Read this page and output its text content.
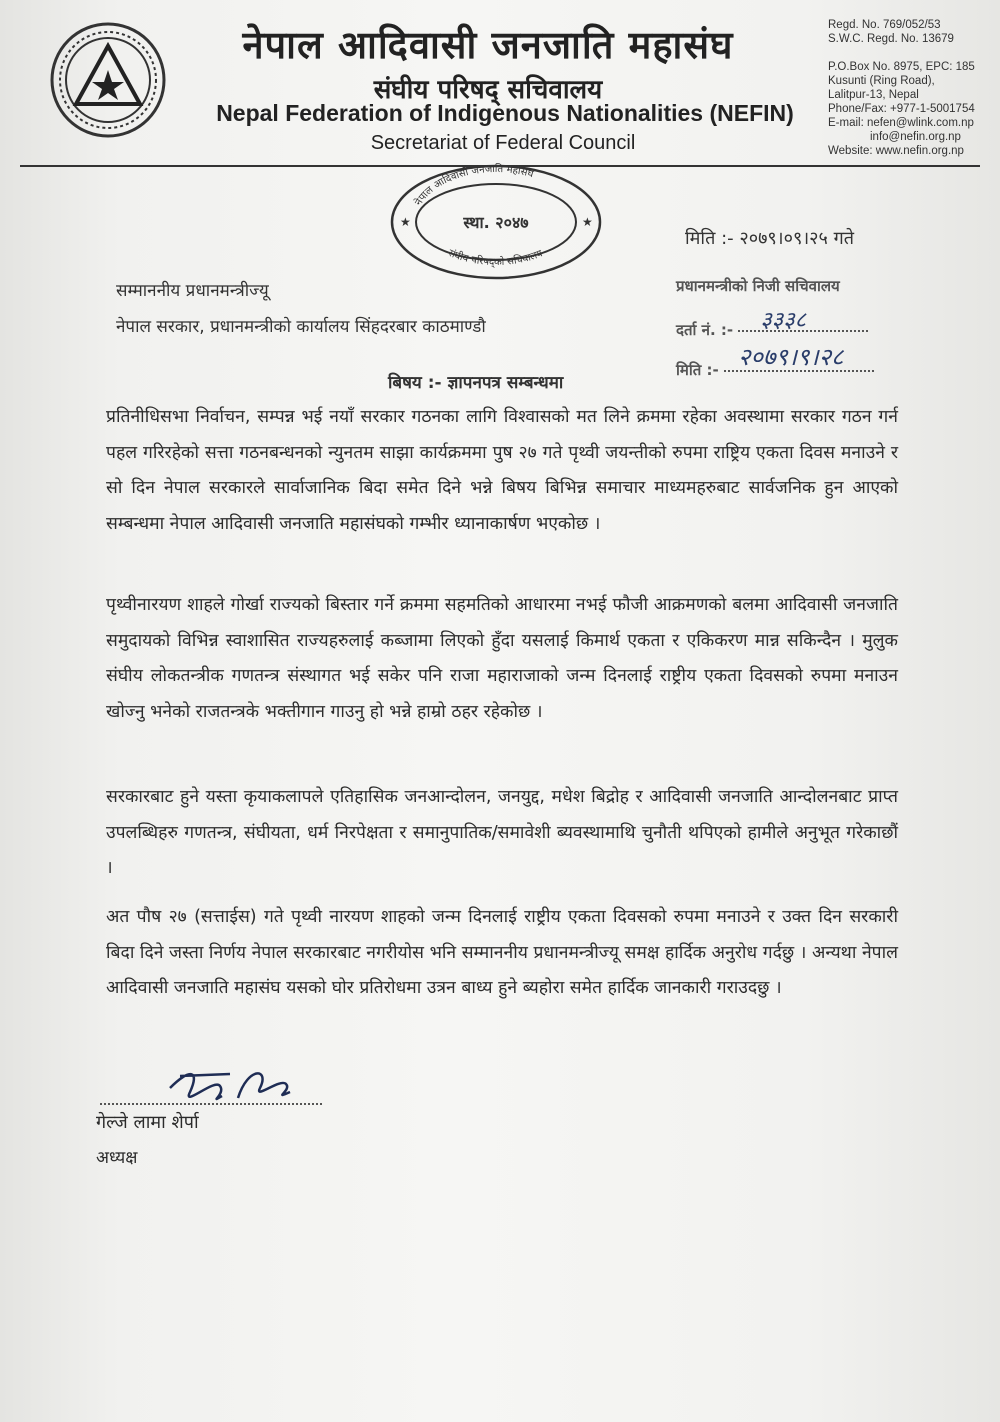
नेपाल आदिवासी जनजाति महासंघ
संघीय परिषद् सचिवालय
Nepal Federation of Indigenous Nationalities (NEFIN)
Secretariat of Federal Council
Regd. No. 769/052/53
S.W.C. Regd. No. 13679
P.O.Box No. 8975, EPC: 185
Kusunti (Ring Road),
Lalitpur-13, Nepal
Phone/Fax: +977-1-5001754
E-mail: nefen@wlink.com.np
info@nefin.org.np
Website: www.nefin.org.np
नेपाल आदिवासी जनजाति महासंघ
संघीय परिषद्को सचिवालय
स्था. २०४७
★	★
मिति :- २०७९।०९।२५ गते
सम्माननीय प्रधानमन्त्रीज्यू
नेपाल सरकार, प्रधानमन्त्रीको कार्यालय सिंहदरबार काठमाण्डौ
प्रधानमन्त्रीको निजी सचिवालय
दर्ता नं. :- ३३३८
मिति :- २०७९।९।२८
बिषय :- ज्ञापनपत्र सम्बन्धमा
प्रतिनीधिसभा निर्वाचन, सम्पन्न भई नयाँ सरकार गठनका लागि विश्वासको मत लिने क्रममा रहेका अवस्थामा सरकार गठन गर्न पहल गरिरहेको सत्ता गठनबन्धनको न्युनतम साझा कार्यक्रममा पुष २७ गते पृथ्वी जयन्तीको रुपमा राष्ट्रिय एकता दिवस मनाउने र सो दिन नेपाल सरकारले सार्वाजानिक बिदा समेत दिने भन्ने बिषय बिभिन्न समाचार माध्यमहरुबाट सार्वजनिक हुन आएको सम्बन्धमा नेपाल आदिवासी जनजाति महासंघको गम्भीर ध्यानाकार्षण भएकोछ ।
पृथ्वीनारयण शाहले गोर्खा राज्यको बिस्तार गर्ने क्रममा सहमतिको आधारमा नभई फौजी आक्रमणको बलमा आदिवासी जनजाति समुदायको विभिन्न स्वाशासित राज्यहरुलाई कब्जामा लिएको हुँदा यसलाई किमार्थ एकता र एकिकरण मान्न सकिन्दैन । मुलुक संघीय लोकतन्त्रीक गणतन्त्र संस्थागत भई सकेर पनि राजा महाराजाको जन्म दिनलाई राष्ट्रीय एकता दिवसको रुपमा मनाउन खोज्नु भनेको राजतन्त्रके भक्तीगान गाउनु हो भन्ने हाम्रो ठहर रहेकोछ ।
सरकारबाट हुने यस्ता कृयाकलापले एतिहासिक जनआन्दोलन, जनयुद्द, मधेश बिद्रोह र आदिवासी जनजाति आन्दोलनबाट प्राप्त उपलब्धिहरु गणतन्त्र, संघीयता, धर्म निरपेक्षता र समानुपातिक/समावेशी ब्यवस्थामाथि चुनौती थपिएको हामीले अनुभूत गरेकाछौं ।
अत पौष २७ (सत्ताईस) गते पृथ्वी नारयण शाहको जन्म दिनलाई राष्ट्रीय एकता दिवसको रुपमा मनाउने र उक्त दिन सरकारी बिदा दिने जस्ता निर्णय नेपाल सरकारबाट नगरीयोस भनि सम्माननीय प्रधानमन्त्रीज्यू समक्ष हार्दिक अनुरोध गर्दछु । अन्यथा नेपाल आदिवासी जनजाति महासंघ यसको घोर प्रतिरोधमा उत्रन बाध्य हुने ब्यहोरा समेत हार्दिक जानकारी गराउदछु ।
गेल्जे लामा शेर्पा
अध्यक्ष
